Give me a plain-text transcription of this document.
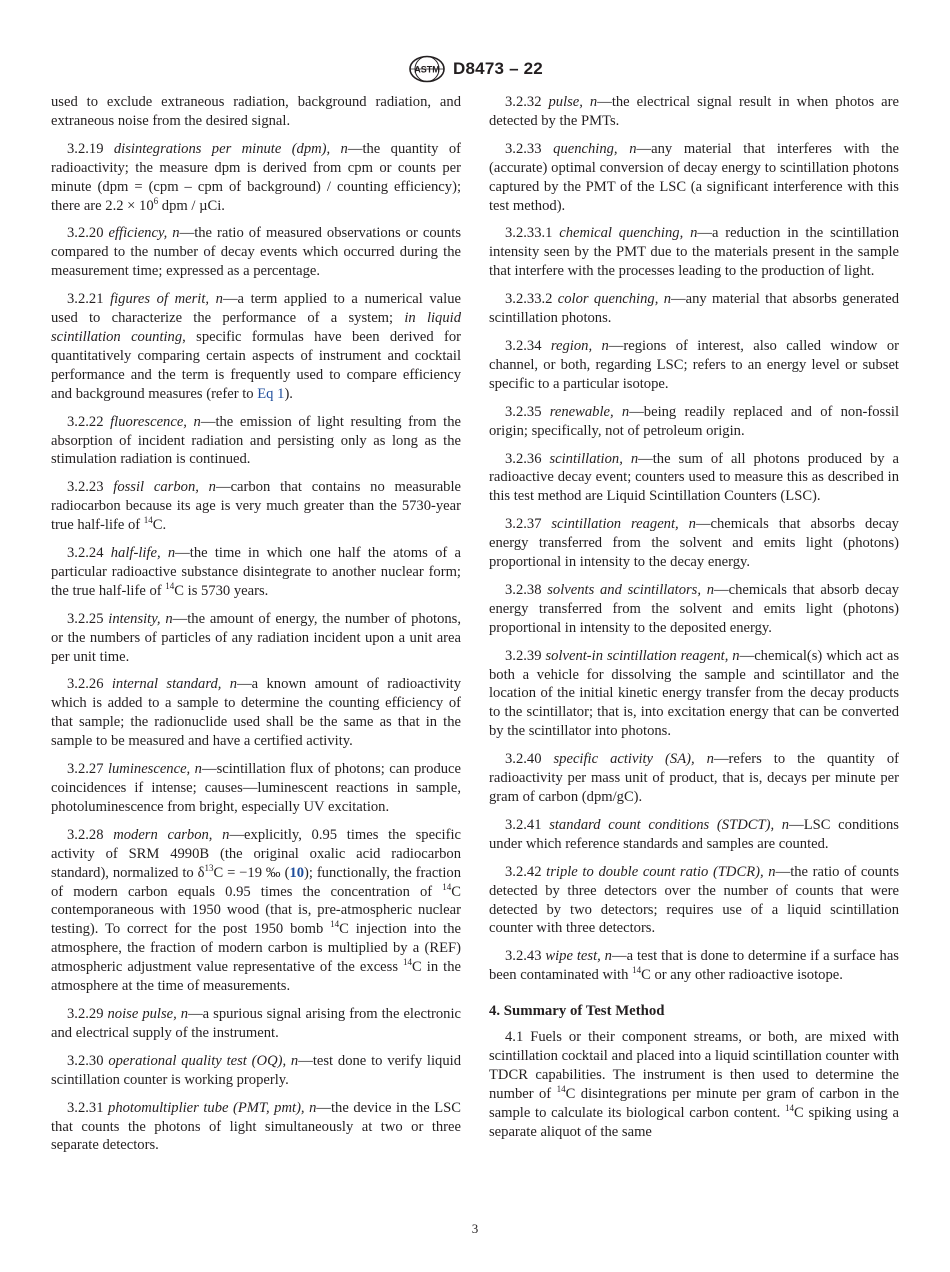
ASTM D8473 – 22

used to exclude extraneous radiation, background radiation, and extraneous noise from the desired signal.

3.2.19 disintegrations per minute (dpm), n—the quantity of radioactivity; the measure dpm is derived from cpm or counts per minute (dpm = (cpm – cpm of background) / counting efficiency); there are $2.2 \times 10^6$ dpm / µCi.

3.2.20 efficiency, n—the ratio of measured observations or counts compared to the number of decay events which occurred during the measurement time; expressed as a percentage.

3.2.21 figures of merit, n—a term applied to a numerical value used to characterize the performance of a system; in liquid scintillation counting, specific formulas have been derived for quantitatively comparing certain aspects of instrument and cocktail performance and the term is frequently used to compare efficiency and background measures (refer to Eq 1).

3.2.22 fluorescence, n—the emission of light resulting from the absorption of incident radiation and persisting only as long as the stimulation radiation is continued.

3.2.23 fossil carbon, n—carbon that contains no measurable radiocarbon because its age is very much greater than the 5730-year true half-life of $^{14}$C.

3.2.24 half-life, n—the time in which one half the atoms of a particular radioactive substance disintegrate to another nuclear form; the true half-life of $^{14}$C is 5730 years.

3.2.25 intensity, n—the amount of energy, the number of photons, or the numbers of particles of any radiation incident upon a unit area per unit time.

3.2.26 internal standard, n—a known amount of radioactivity which is added to a sample to determine the counting efficiency of that sample; the radionuclide used shall be the same as that in the sample to be measured and have a certified activity.

3.2.27 luminescence, n—scintillation flux of photons; can produce coincidences if intense; causes—luminescent reactions in sample, photoluminescence from bright, especially UV excitation.

3.2.28 modern carbon, n—explicitly, 0.95 times the specific activity of SRM 4990B (the original oxalic acid radiocarbon standard), normalized to $\delta^{13}C = -19$ ‰ (10); functionally, the fraction of modern carbon equals 0.95 times the concentration of $^{14}$C contemporaneous with 1950 wood (that is, pre-atmospheric nuclear testing). To correct for the post 1950 bomb $^{14}$C injection into the atmosphere, the fraction of modern carbon is multiplied by a (REF) atmospheric adjustment value representative of the excess $^{14}$C in the atmosphere at the time of measurements.

3.2.29 noise pulse, n—a spurious signal arising from the electronic and electrical supply of the instrument.

3.2.30 operational quality test (OQ), n—test done to verify liquid scintillation counter is working properly.

3.2.31 photomultiplier tube (PMT, pmt), n—the device in the LSC that counts the photons of light simultaneously at two or three separate detectors.

3.2.32 pulse, n—the electrical signal result in when photos are detected by the PMTs.

3.2.33 quenching, n—any material that interferes with the (accurate) optimal conversion of decay energy to scintillation photons captured by the PMT of the LSC (a significant interference with this test method).

3.2.33.1 chemical quenching, n—a reduction in the scintillation intensity seen by the PMT due to the materials present in the sample that interfere with the processes leading to the production of light.

3.2.33.2 color quenching, n—any material that absorbs generated scintillation photons.

3.2.34 region, n—regions of interest, also called window or channel, or both, regarding LSC; refers to an energy level or subset specific to a particular isotope.

3.2.35 renewable, n—being readily replaced and of non-fossil origin; specifically, not of petroleum origin.

3.2.36 scintillation, n—the sum of all photons produced by a radioactive decay event; counters used to measure this as described in this test method are Liquid Scintillation Counters (LSC).

3.2.37 scintillation reagent, n—chemicals that absorbs decay energy transferred from the solvent and emits light (photons) proportional in intensity to the decay energy.

3.2.38 solvents and scintillators, n—chemicals that absorb decay energy transferred from the solvent and emits light (photons) proportional in intensity to the deposited energy.

3.2.39 solvent-in scintillation reagent, n—chemical(s) which act as both a vehicle for dissolving the sample and scintillator and the location of the initial kinetic energy transfer from the decay products to the scintillator; that is, into excitation energy that can be converted by the scintillator into photons.

3.2.40 specific activity (SA), n—refers to the quantity of radioactivity per mass unit of product, that is, decays per minute per gram of carbon (dpm/gC).

3.2.41 standard count conditions (STDCT), n—LSC conditions under which reference standards and samples are counted.

3.2.42 triple to double count ratio (TDCR), n—the ratio of counts detected by three detectors over the number of counts that were detected by two detectors; requires use of a liquid scintillation counter with three detectors.

3.2.43 wipe test, n—a test that is done to determine if a surface has been contaminated with $^{14}$C or any other radioactive isotope.

4. Summary of Test Method

4.1 Fuels or their component streams, or both, are mixed with scintillation cocktail and placed into a liquid scintillation counter with TDCR capabilities. The instrument is then used to determine the number of $^{14}$C disintegrations per minute per gram of carbon in the sample to calculate its biological carbon content. $^{14}$C spiking using a separate aliquot of the same

3
